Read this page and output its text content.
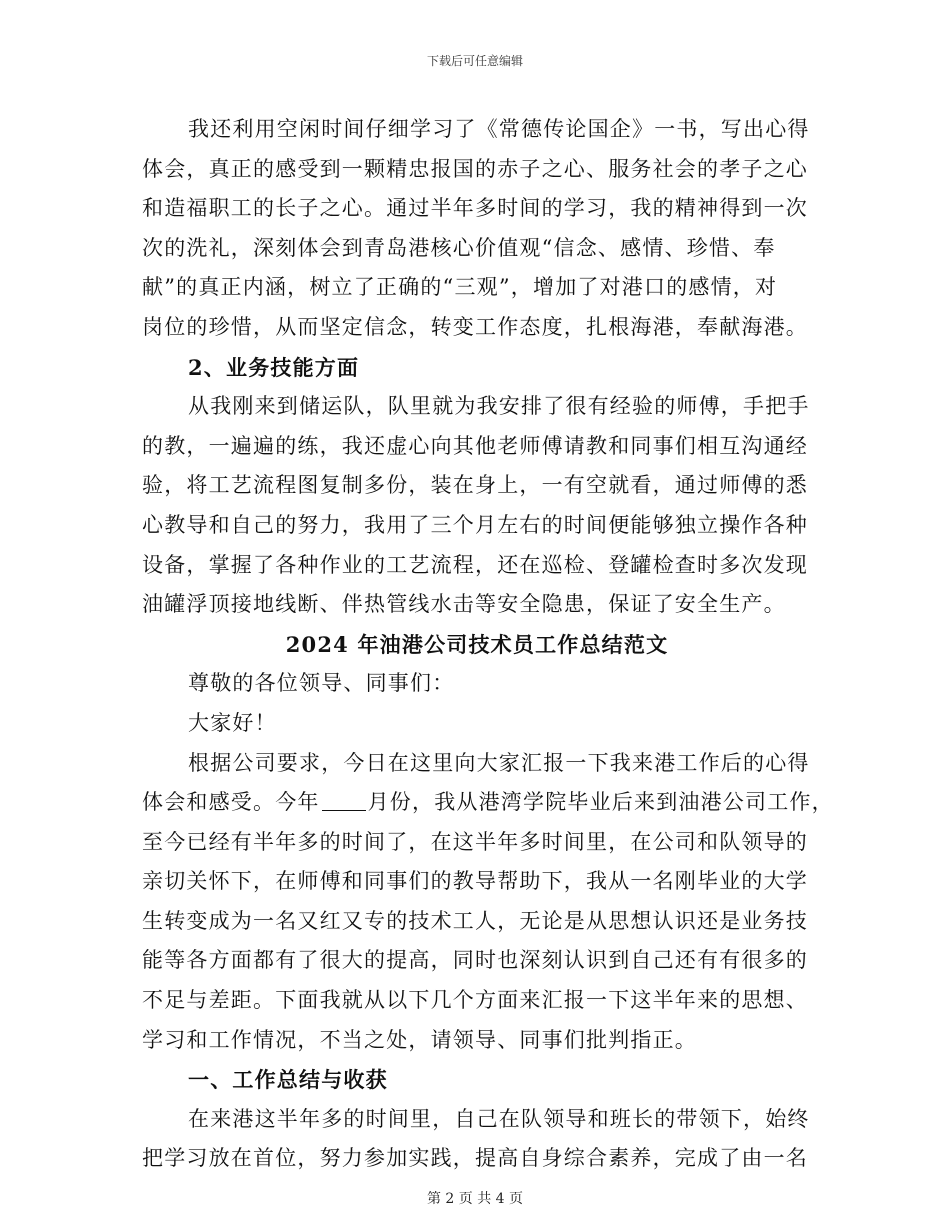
下载后可任意编辑

我还利用空闲时间仔细学习了《常德传论国企》一书，写出心得
体会，真正的感受到一颗精忠报国的赤子之心、服务社会的孝子之心
和造福职工的长子之心。通过半年多时间的学习，我的精神得到一次
次的洗礼，深刻体会到青岛港核心价值观“信念、感情、珍惜、奉
献”的真正内涵，树立了正确的“三观”，增加了对港口的感情，对
岗位的珍惜，从而坚定信念，转变工作态度，扎根海港，奉献海港。

2、业务技能方面

从我刚来到储运队，队里就为我安排了很有经验的师傅，手把手
的教，一遍遍的练，我还虚心向其他老师傅请教和同事们相互沟通经
验，将工艺流程图复制多份，装在身上，一有空就看，通过师傅的悉
心教导和自己的努力，我用了三个月左右的时间便能够独立操作各种
设备，掌握了各种作业的工艺流程，还在巡检、登罐检查时多次发现
油罐浮顶接地线断、伴热管线水击等安全隐患，保证了安全生产。

2024 年油港公司技术员工作总结范文

尊敬的各位领导、同事们：

大家好！

根据公司要求，今日在这里向大家汇报一下我来港工作后的心得
体会和感受。今年 月份，我从港湾学院毕业后来到油港公司工作，
至今已经有半年多的时间了，在这半年多时间里，在公司和队领导的
亲切关怀下，在师傅和同事们的教导帮助下，我从一名刚毕业的大学
生转变成为一名又红又专的技术工人，无论是从思想认识还是业务技
能等各方面都有了很大的提高，同时也深刻认识到自己还有有很多的
不足与差距。下面我就从以下几个方面来汇报一下这半年来的思想、
学习和工作情况，不当之处，请领导、同事们批判指正。

一、工作总结与收获

在来港这半年多的时间里，自己在队领导和班长的带领下，始终
把学习放在首位，努力参加实践，提高自身综合素养，完成了由一名

第 2 页 共 4 页
